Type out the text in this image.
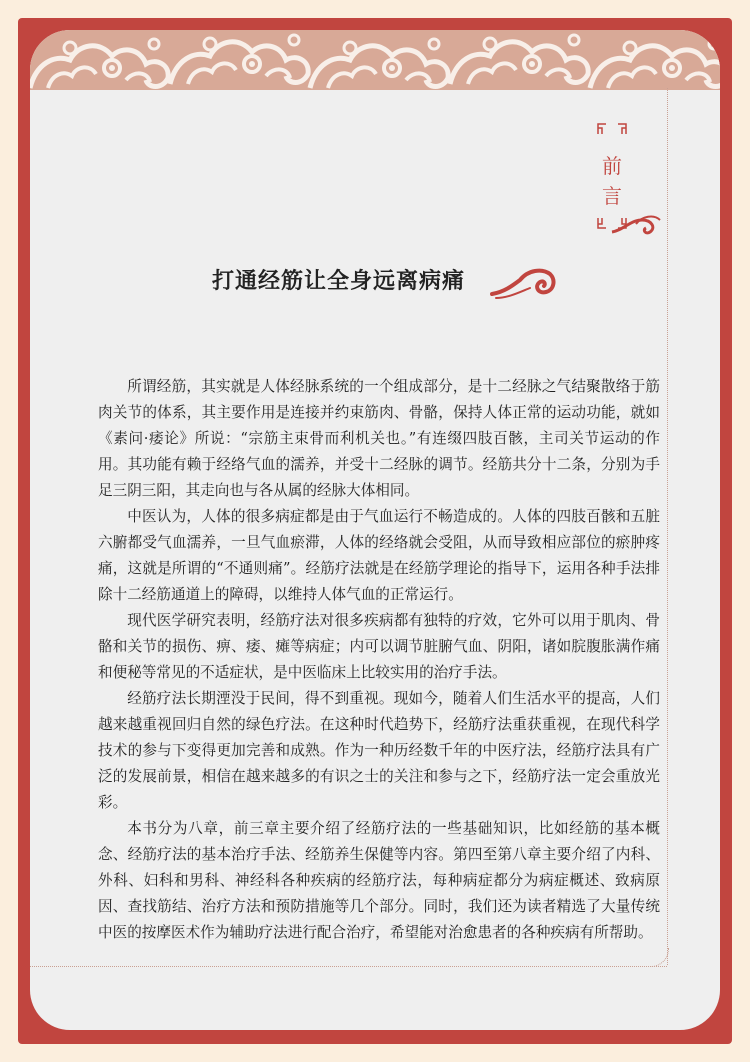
前
言
打通经筋让全身远离病痛

所谓经筋，其实就是人体经脉系统的一个组成部分，是十二经脉之气结聚散络于筋肉关节的体系，其主要作用是连接并约束筋肉、骨骼，保持人体正常的运动功能，就如《素问·痿论》所说：“宗筋主束骨而利机关也。”有连缀四肢百骸，主司关节运动的作用。其功能有赖于经络气血的濡养，并受十二经脉的调节。经筋共分十二条，分别为手足三阴三阳，其走向也与各从属的经脉大体相同。

中医认为，人体的很多病症都是由于气血运行不畅造成的。人体的四肢百骸和五脏六腑都受气血濡养，一旦气血瘀滞，人体的经络就会受阻，从而导致相应部位的瘀肿疼痛，这就是所谓的“不通则痛”。经筋疗法就是在经筋学理论的指导下，运用各种手法排除十二经筋通道上的障碍，以维持人体气血的正常运行。

现代医学研究表明，经筋疗法对很多疾病都有独特的疗效，它外可以用于肌肉、骨骼和关节的损伤、痹、痿、瘫等病症；内可以调节脏腑气血、阴阳，诸如脘腹胀满作痛和便秘等常见的不适症状，是中医临床上比较实用的治疗手法。

经筋疗法长期湮没于民间，得不到重视。现如今，随着人们生活水平的提高，人们越来越重视回归自然的绿色疗法。在这种时代趋势下，经筋疗法重获重视，在现代科学技术的参与下变得更加完善和成熟。作为一种历经数千年的中医疗法，经筋疗法具有广泛的发展前景，相信在越来越多的有识之士的关注和参与之下，经筋疗法一定会重放光彩。

本书分为八章，前三章主要介绍了经筋疗法的一些基础知识，比如经筋的基本概念、经筋疗法的基本治疗手法、经筋养生保健等内容。第四至第八章主要介绍了内科、外科、妇科和男科、神经科各种疾病的经筋疗法，每种病症都分为病症概述、致病原因、查找筋结、治疗方法和预防措施等几个部分。同时，我们还为读者精选了大量传统中医的按摩医术作为辅助疗法进行配合治疗，希望能对治愈患者的各种疾病有所帮助。
